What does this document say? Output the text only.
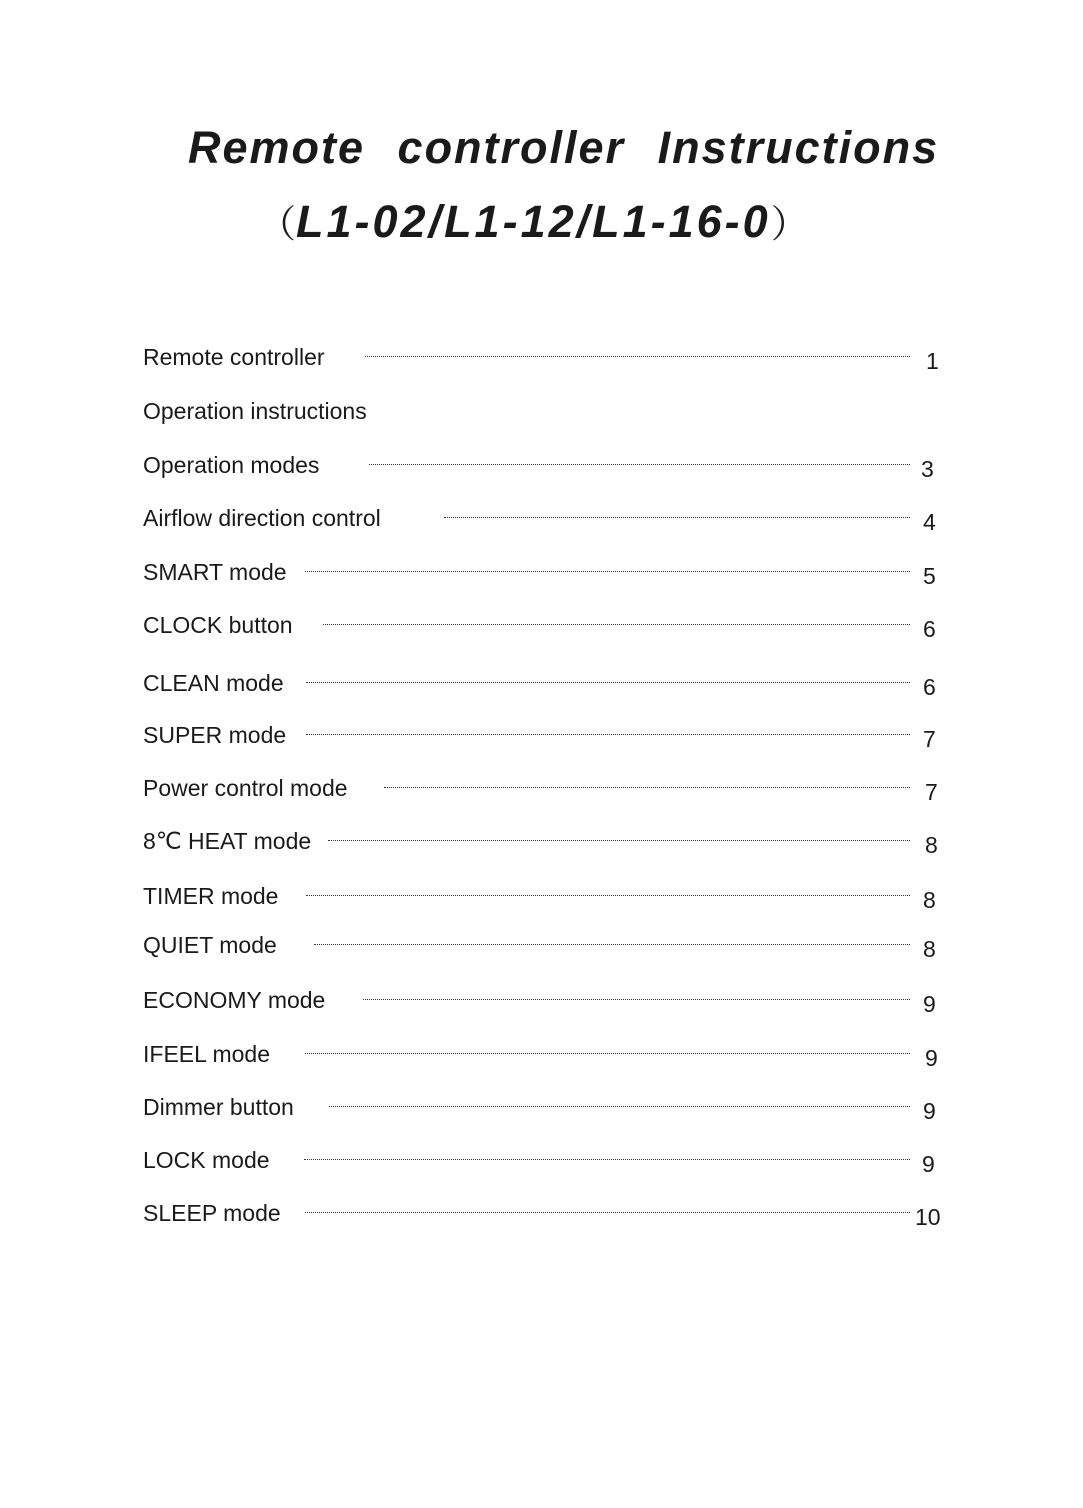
Remote controller Instructions
（L1-02/L1-12/L1-16-0）
Remote controller	1
Operation instructions
Operation modes	3
Airflow direction control	4
SMART mode	5
CLOCK button	6
CLEAN mode	6
SUPER mode	7
Power control mode	7
8℃ HEAT mode	8
TIMER mode	8
QUIET mode	8
ECONOMY mode	9
IFEEL mode	9
Dimmer button	9
LOCK mode	9
SLEEP mode	10
